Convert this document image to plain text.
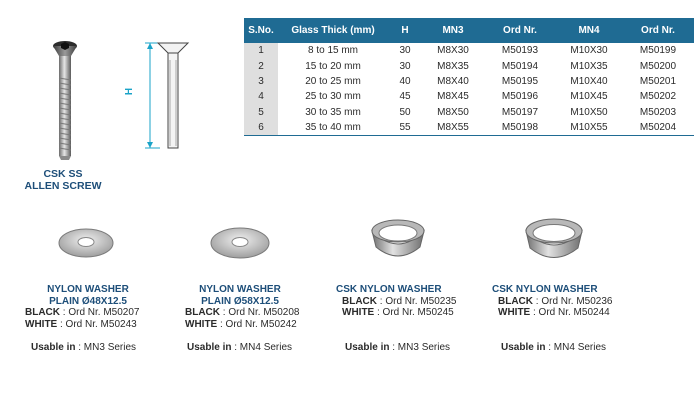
H
CSK SS
ALLEN SCREW
S.No.	Glass Thick (mm)	H	MN3	Ord Nr.	MN4	Ord Nr.
1	8 to 15 mm	30	M8X30	M50193	M10X30	M50199
2	15 to 20 mm	30	M8X35	M50194	M10X35	M50200
3	20 to 25 mm	40	M8X40	M50195	M10X40	M50201
4	25 to 30 mm	45	M8X45	M50196	M10X45	M50202
5	30 to 35 mm	50	M8X50	M50197	M10X50	M50203
6	35 to 40 mm	55	M8X55	M50198	M10X55	M50204
NYLON WASHER
PLAIN Ø48X12.5
BLACK : Ord Nr. M50207
WHITE : Ord Nr. M50243
Usable in : MN3 Series
NYLON WASHER
PLAIN Ø58X12.5
BLACK : Ord Nr. M50208
WHITE : Ord Nr. M50242
Usable in : MN4 Series
CSK NYLON WASHER
BLACK : Ord Nr. M50235
WHITE : Ord Nr. M50245
Usable in : MN3 Series
CSK NYLON WASHER
BLACK : Ord Nr. M50236
WHITE : Ord Nr. M50244
Usable in : MN4 Series
